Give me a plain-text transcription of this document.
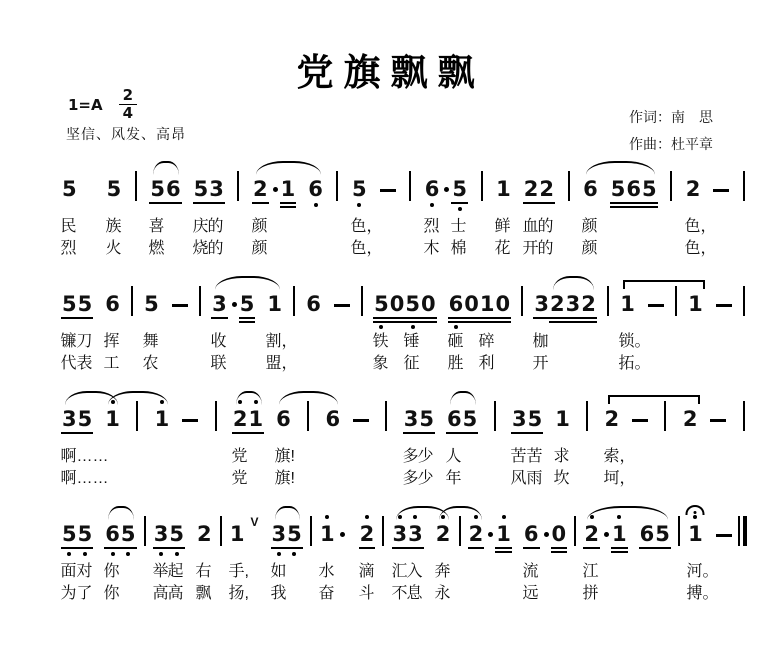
党旗飘飘
$1=A \frac{2}{4}$
坚信、风发、高昂
作词：南　思
作曲：杜平章
5 5 5 6 5 3 2 1 6 5	6 5 1 2 2 6 5 6 5 2
民 族 喜 庆
的 颜	色，	烈 士 鲜 血
的 颜	色，
烈 火 燃 烧
的 颜	色，	木 棉 花 开
的 颜	色，
5 5 6 5	3 5 1 6	5 0 5 0 6 0 1 0 3 2 3 2 1	1
镰 刀 挥 舞	收 割，	铁 锤 砸 碎 枷	锁。
代 表 工 农	联 盟，	象 征 胜 利 开	拓。
3 5 1 1	2 1 6 6	3 5 6 5 3 5 1 2	2
啊……	党 旗!	多
少 人	苦 苦 求 索，
啊……	党 旗!	多
少 年	风 雨 坎 坷，
5 5 6 5 3 5 2 1 V 3 5 1 2 3 3 2 2 1 6 0 2 1 6 5 1
面 对 你 举
起 右 手, 如 水 滴 汇
入 奔	流	江	河。
为 了 你 高
高 飘 扬, 我 奋 斗 不
息 永	远	拼	搏。
